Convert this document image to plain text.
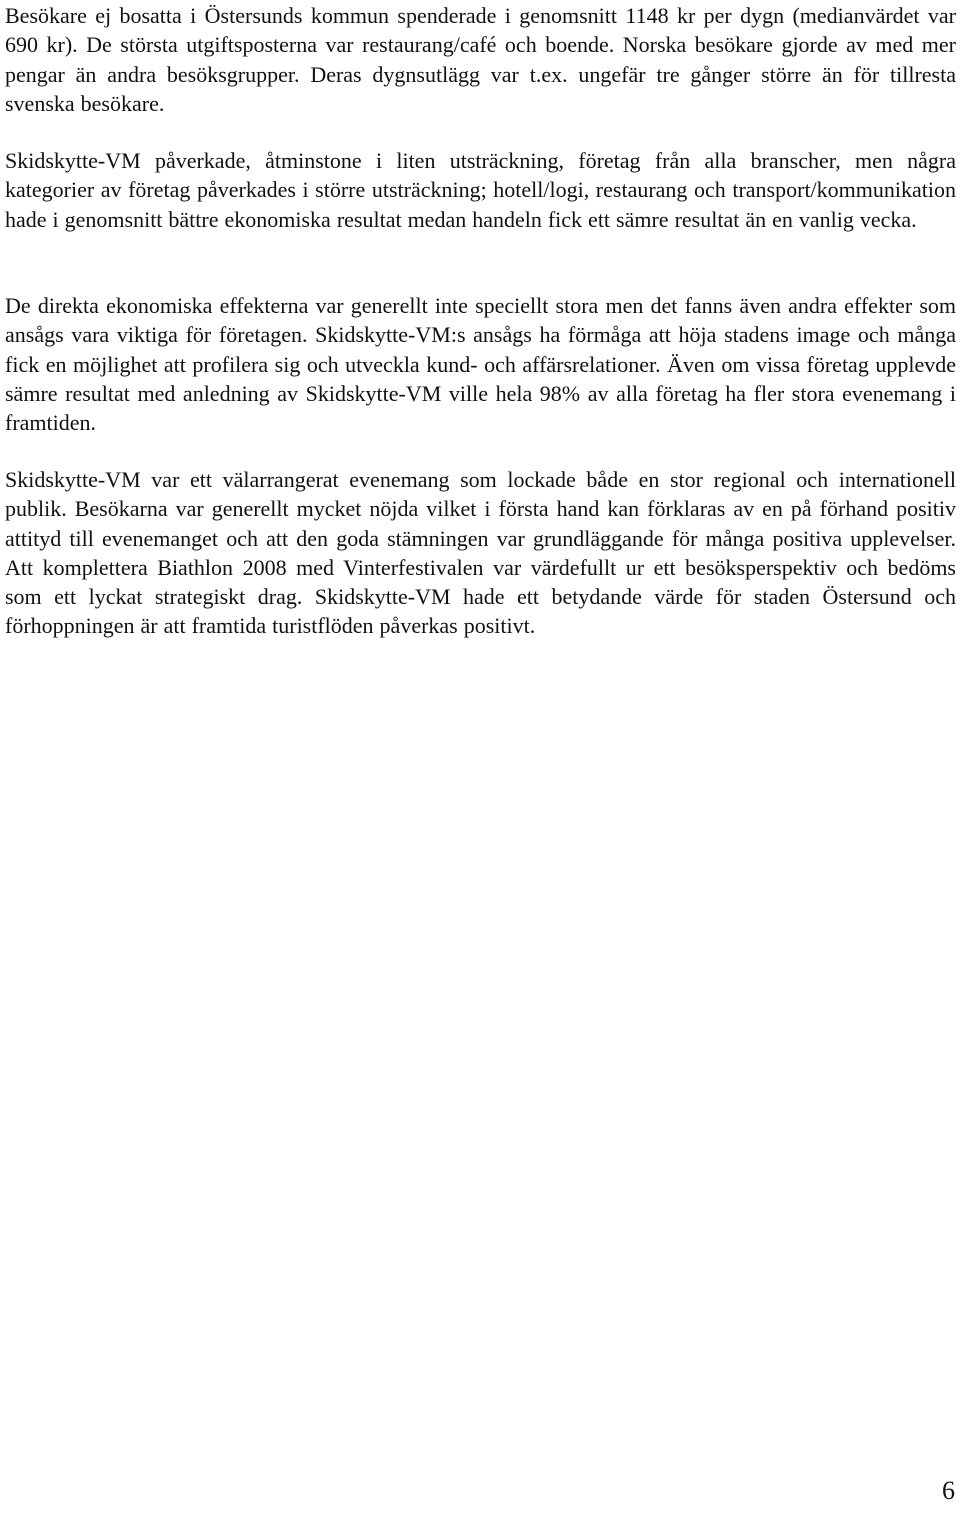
Besökare ej bosatta i Östersunds kommun spenderade i genomsnitt 1148 kr per dygn (medianvärdet var 690 kr). De största utgiftsposterna var restaurang/café och boende. Norska besökare gjorde av med mer pengar än andra besöksgrupper. Deras dygnsutlägg var t.ex. ungefär tre gånger större än för tillresta svenska besökare.

Skidskytte-VM påverkade, åtminstone i liten utsträckning, företag från alla branscher, men några kategorier av företag påverkades i större utsträckning; hotell/logi, restaurang och transport/kommunikation hade i genomsnitt bättre ekonomiska resultat medan handeln fick ett sämre resultat än en vanlig vecka.

De direkta ekonomiska effekterna var generellt inte speciellt stora men det fanns även andra effekter som ansågs vara viktiga för företagen. Skidskytte-VM:s ansågs ha förmåga att höja stadens image och många fick en möjlighet att profilera sig och utveckla kund- och affärsrelationer. Även om vissa företag upplevde sämre resultat med anledning av Skidskytte-VM ville hela 98% av alla företag ha fler stora evenemang i framtiden.

Skidskytte-VM var ett välarrangerat evenemang som lockade både en stor regional och internationell publik. Besökarna var generellt mycket nöjda vilket i första hand kan förklaras av en på förhand positiv attityd till evenemanget och att den goda stämningen var grundläggande för många positiva upplevelser. Att komplettera Biathlon 2008 med Vinterfestivalen var värdefullt ur ett besöksperspektiv och bedöms som ett lyckat strategiskt drag. Skidskytte-VM hade ett betydande värde för staden Östersund och förhoppningen är att framtida turistflöden påverkas positivt.

6
